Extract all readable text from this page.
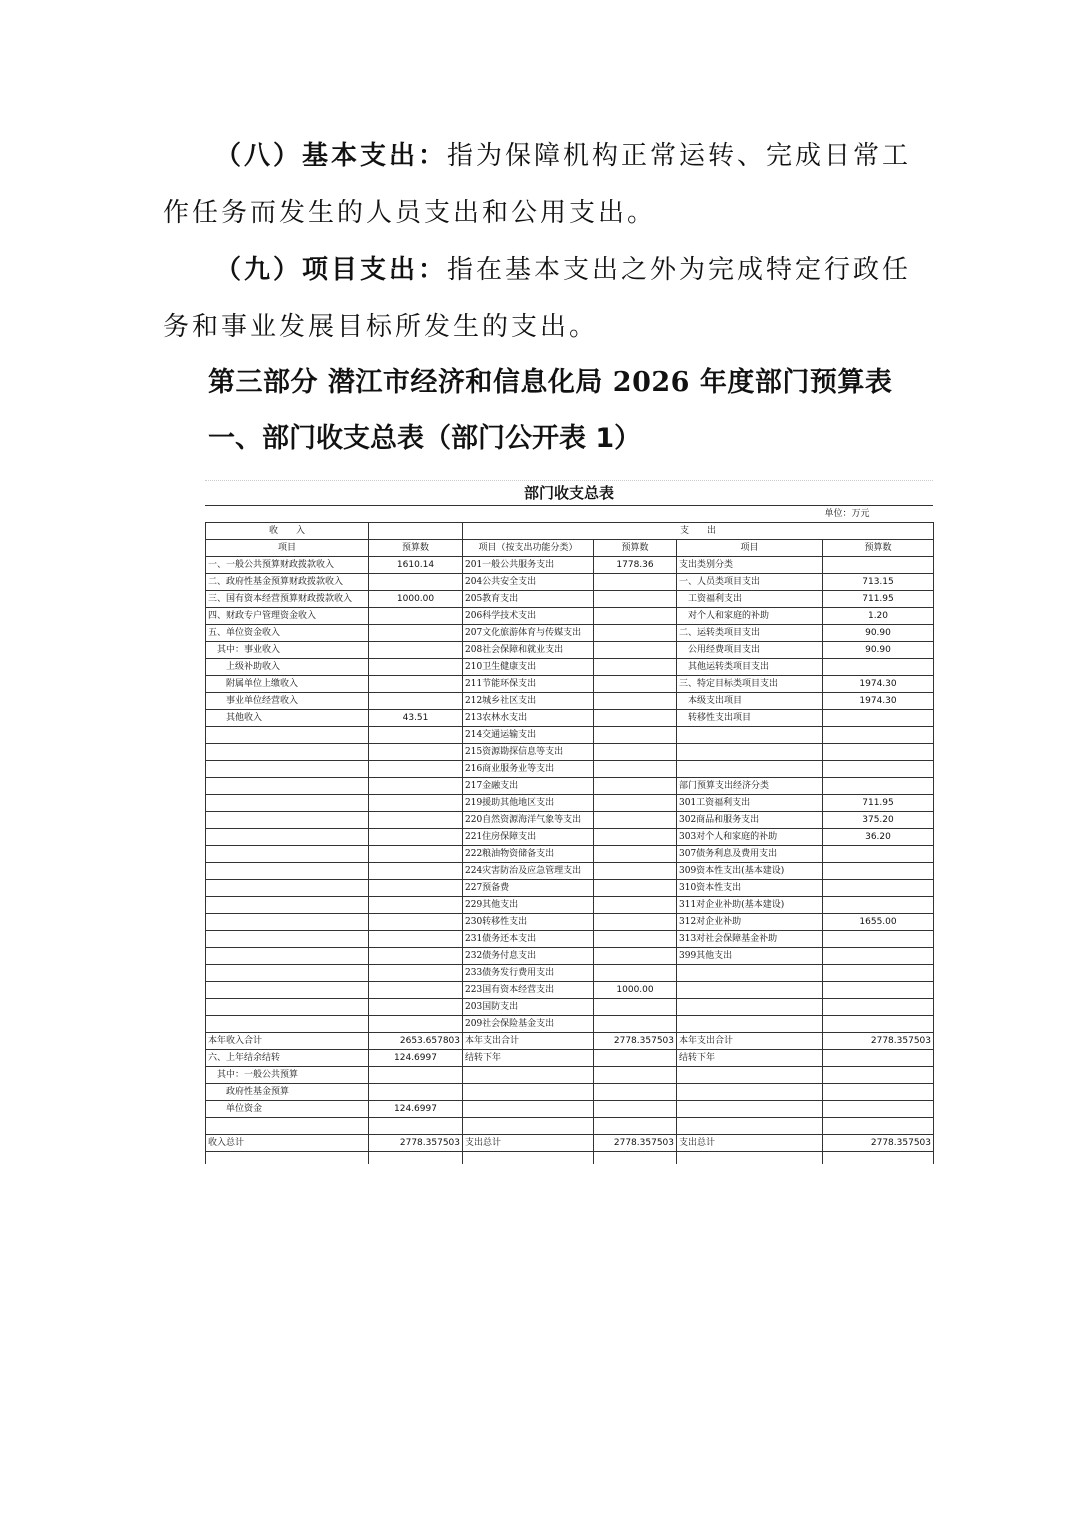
（八）基本支出：指为保障机构正常运转、完成日常工作任务而发生的人员支出和公用支出。
（九）项目支出：指在基本支出之外为完成特定行政任务和事业发展目标所发生的支出。
第三部分 潜江市经济和信息化局 2026 年度部门预算表
一、部门收支总表（部门公开表 1）
部门收支总表
					单位：万元
收　　入		支　　出			
项目	预算数	项目（按支出功能分类）	预算数	项目	预算数
一、一般公共预算财政拨款收入	1610.14	201一般公共服务支出	1778.36	支出类别分类	
二、政府性基金预算财政拨款收入		204公共安全支出		一、人员类项目支出	713.15
三、国有资本经营预算财政拨款收入	1000.00	205教育支出		　工资福利支出	711.95
四、财政专户管理资金收入		206科学技术支出		　对个人和家庭的补助	1.20
五、单位资金收入		207文化旅游体育与传媒支出		二、运转类项目支出	90.90
　其中：事业收入		208社会保障和就业支出		　公用经费项目支出	90.90
　　上级补助收入		210卫生健康支出		　其他运转类项目支出	
　　附属单位上缴收入		211节能环保支出		三、特定目标类项目支出	1974.30
　　事业单位经营收入		212城乡社区支出		　本级支出项目	1974.30
　　其他收入	43.51	213农林水支出		　转移性支出项目	
		214交通运输支出			
		215资源勘探信息等支出			
		216商业服务业等支出			
		217金融支出		部门预算支出经济分类	
		219援助其他地区支出		301工资福利支出	711.95
		220自然资源海洋气象等支出		302商品和服务支出	375.20
		221住房保障支出		303对个人和家庭的补助	36.20
		222粮油物资储备支出		307债务利息及费用支出	
		224灾害防治及应急管理支出		309资本性支出(基本建设)	
		227预备费		310资本性支出	
		229其他支出		311对企业补助(基本建设)	
		230转移性支出		312对企业补助	1655.00
		231债务还本支出		313对社会保障基金补助	
		232债务付息支出		399其他支出	
		233债务发行费用支出			
		223国有资本经营支出	1000.00		
		203国防支出			
		209社会保险基金支出			
本年收入合计	2653.657803	本年支出合计	2778.357503	本年支出合计	2778.357503
六、上年结余结转	124.6997	结转下年		结转下年	
　其中：一般公共预算					
　　政府性基金预算					
　　单位资金	124.6997				

收入总计	2778.357503	支出总计	2778.357503	支出总计	2778.357503
